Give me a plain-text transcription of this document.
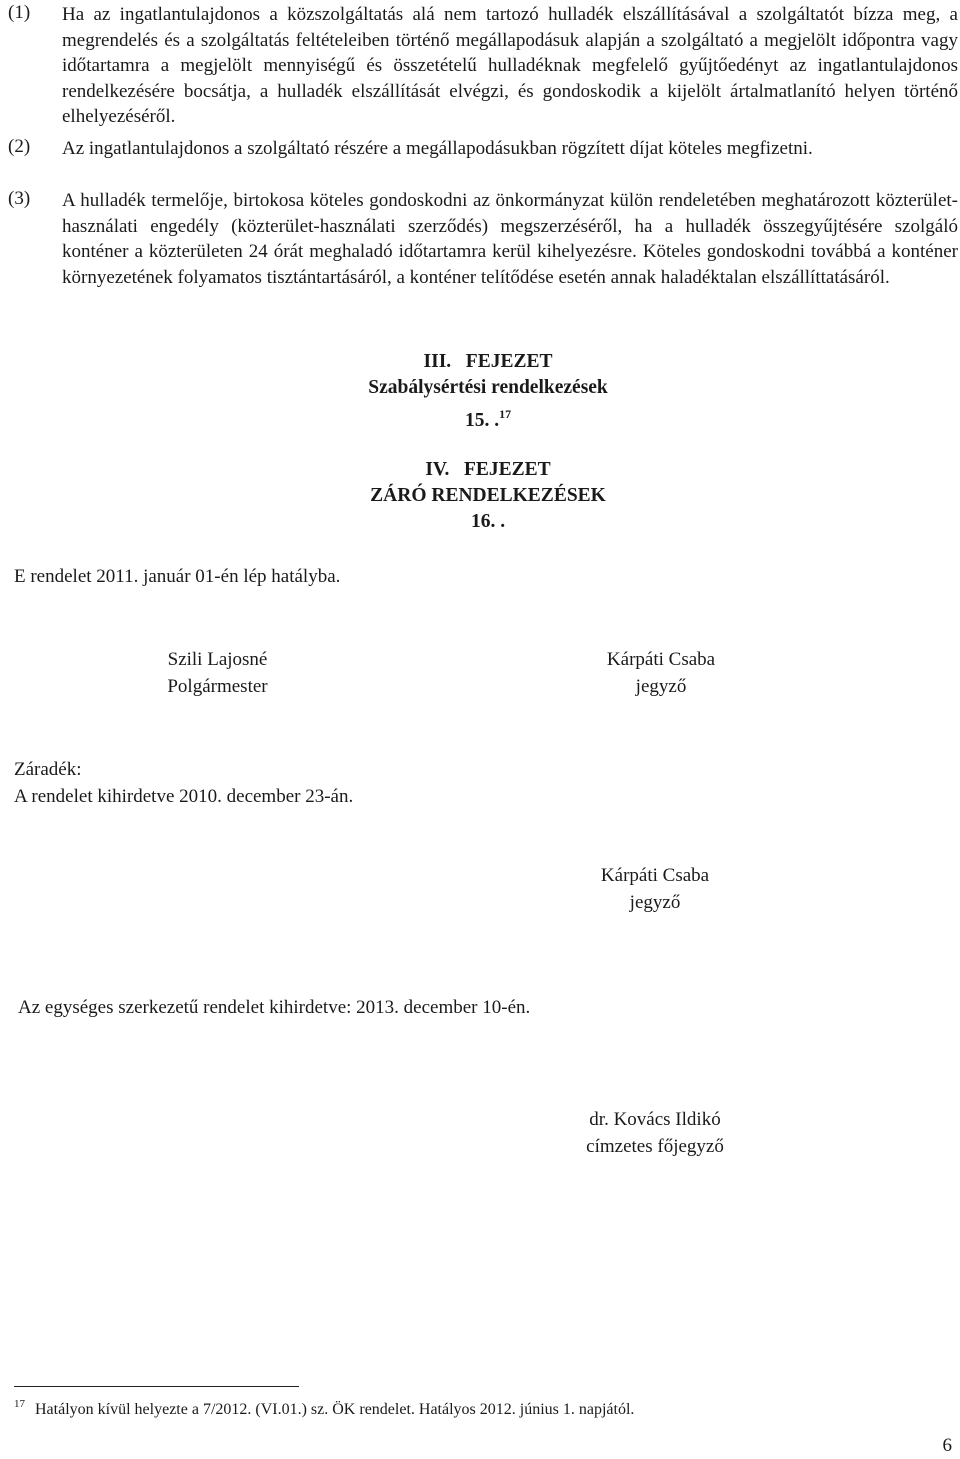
(1) Ha az ingatlantulajdonos a közszolgáltatás alá nem tartozó hulladék elszállításával a szolgáltatót bízza meg, a megrendelés és a szolgáltatás feltételeiben történő megállapodásuk alapján a szolgáltató a megjelölt időpontra vagy időtartamra a megjelölt mennyiségű és összetételű hulladéknak megfelelő gyűjtőedényt az ingatlantulajdonos rendelkezésére bocsátja, a hulladék elszállítását elvégzi, és gondoskodik a kijelölt ártalmatlanító helyen történő elhelyezéséről.
(2) Az ingatlantulajdonos a szolgáltató részére a megállapodásukban rögzített díjat köteles megfizetni.
(3) A hulladék termelője, birtokosa köteles gondoskodni az önkormányzat külön rendeletében meghatározott közterület-használati engedély (közterület-használati szerződés) megszerzéséről, ha a hulladék összegyűjtésére szolgáló konténer a közterületen 24 órát meghaladó időtartamra kerül kihelyezésre. Köteles gondoskodni továbbá a konténer környezetének folyamatos tisztántartásáról, a konténer telítődése esetén annak haladéktalan elszállíttatásáról.
III.   FEJEZET
Szabálysértési rendelkezések
15. .$^{17}$
IV.   FEJEZET
ZÁRÓ RENDELKEZÉSEK
16. .
E rendelet 2011. január 01-én lép hatályba.
Szili Lajosné
Polgármester
Kárpáti Csaba
jegyző
Záradék:
A rendelet kihirdetve 2010. december 23-án.
Kárpáti Csaba
jegyző
Az egységes szerkezetű rendelet kihirdetve: 2013. december 10-én.
dr. Kovács Ildikó
címzetes főjegyző
$^{17}$ Hatályon kívül helyezte a 7/2012. (VI.01.) sz. ÖK rendelet. Hatályos 2012. június 1. napjától.
6
